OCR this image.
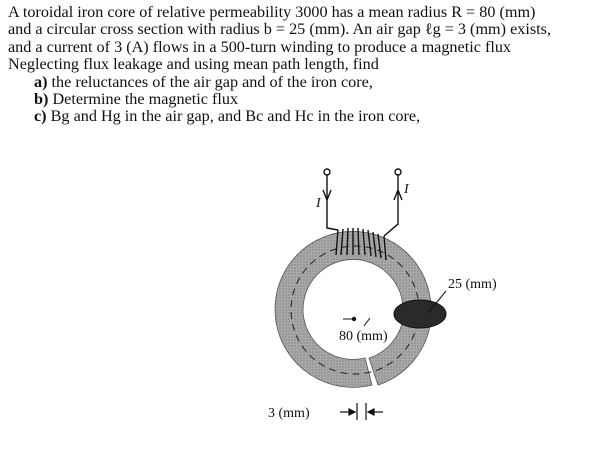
A toroidal iron core of relative permeability 3000 has a mean radius R = 80 (mm)
and a circular cross section with radius b = 25 (mm). An air gap ℓg = 3 (mm) exists,
and a current of 3 (A) flows in a 500-turn winding to produce a magnetic flux
Neglecting flux leakage and using mean path length, find
a) the reluctances of the air gap and of the iron core,
b) Determine the magnetic flux
c) Bg and Hg in the air gap, and Bc and Hc in the iron core,
I
I
25 (mm)
80 (mm)
3 (mm)
